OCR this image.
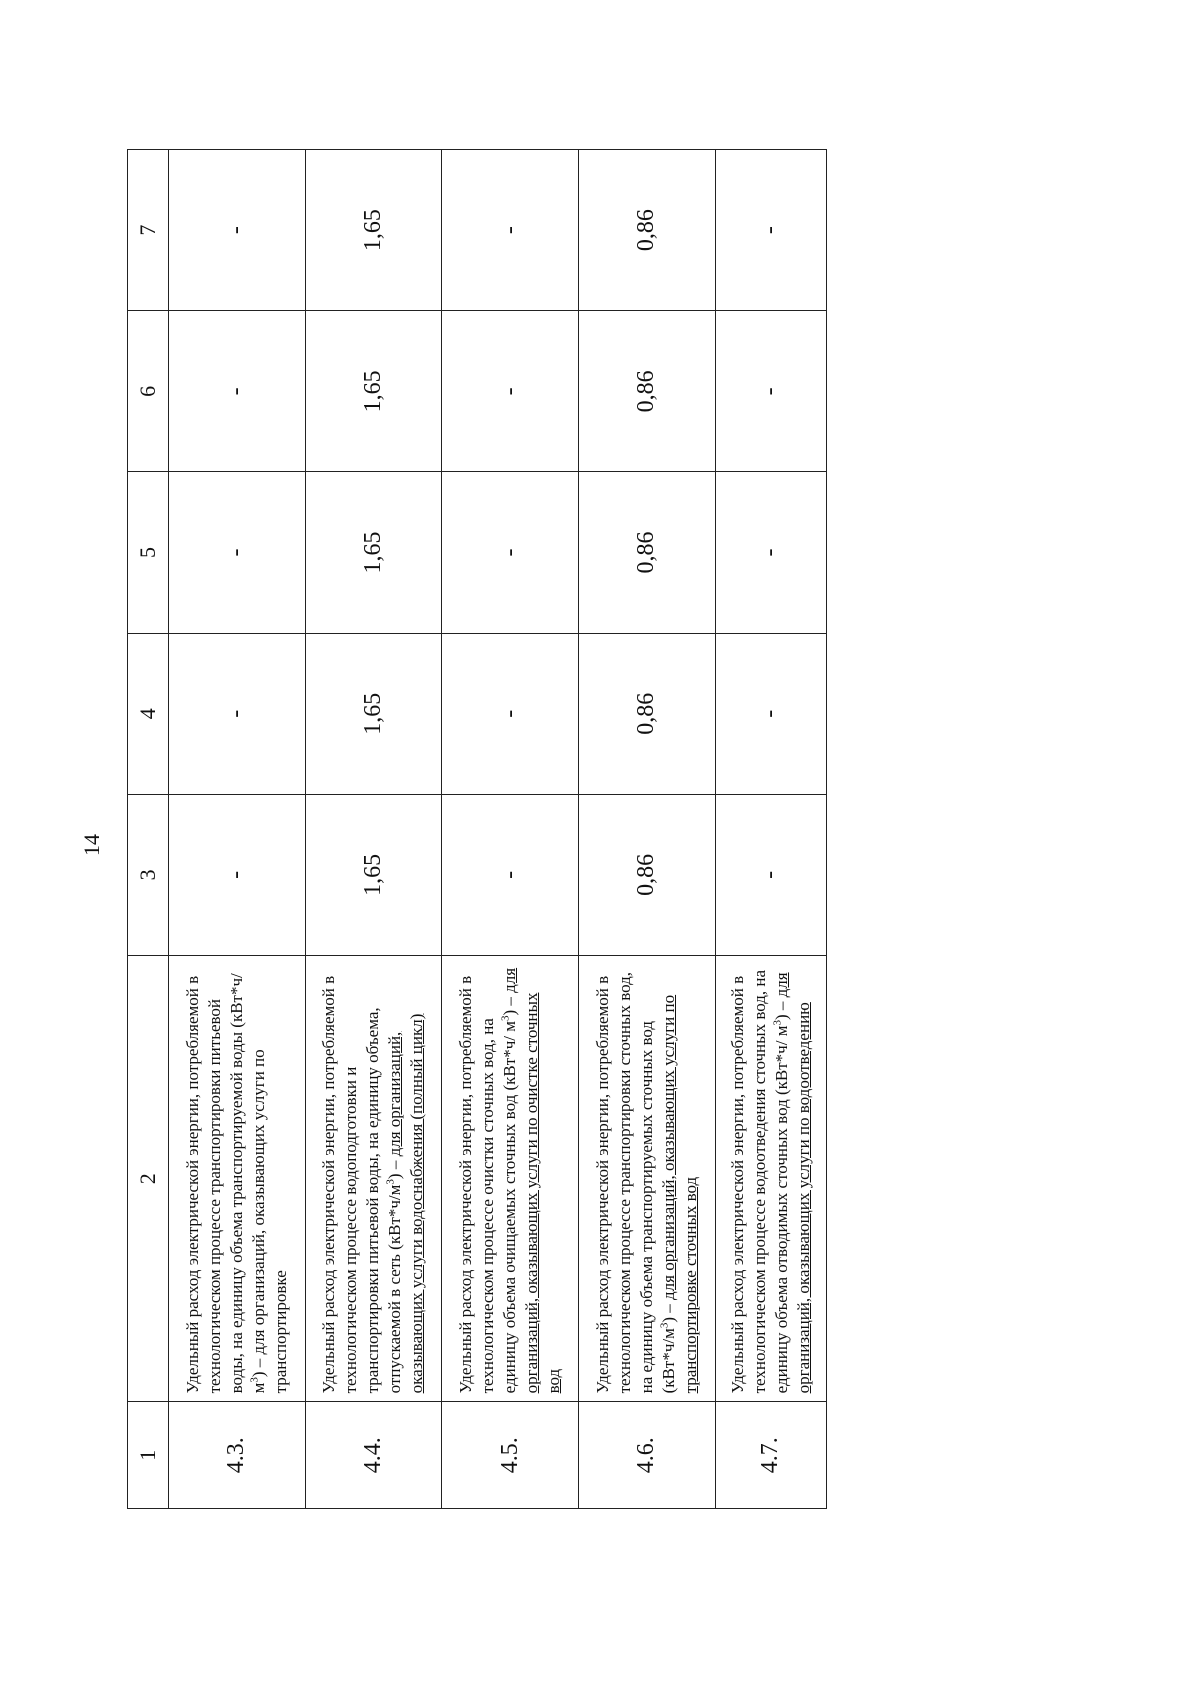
14
1	2	3	4	5	6	7
4.3.	Удельный расход электрической энергии, потребляемой в технологическом процессе транспортировки питьевой воды, на единицу объема транспортируемой воды $(кВт*ч/м^3)$ – для организаций, оказывающих услуги по транспортировке	-	-	-	-	-
4.4.	Удельный расход электрической энергии, потребляемой в технологическом процессе водоподготовки и транспортировки питьевой воды, на единицу объема, отпускаемой в сеть $(кВт*ч/м^3)$ – для организаций, оказывающих услуги водоснабжения (полный цикл)	1,65	1,65	1,65	1,65	1,65
4.5.	Удельный расход электрической энергии, потребляемой в технологическом процессе очистки сточных вод, на единицу объема очищаемых сточных вод (кВт*ч/ $м^3$) – для организаций, оказывающих услуги по очистке сточных вод	-	-	-	-	-
4.6.	Удельный расход электрической энергии, потребляемой в технологическом процессе транспортировки сточных вод, на единицу объема транспортируемых сточных вод $(кВт*ч/м^3)$ – для организаций, оказывающих услуги по транспортировке сточных вод	0,86	0,86	0,86	0,86	0,86
4.7.	Удельный расход электрической энергии, потребляемой в технологическом процессе водоотведения сточных вод, на единицу объема отводимых сточных вод (кВт*ч/ $м^3$) – для организаций, оказывающих услуги по водоотведению	-	-	-	-	-
